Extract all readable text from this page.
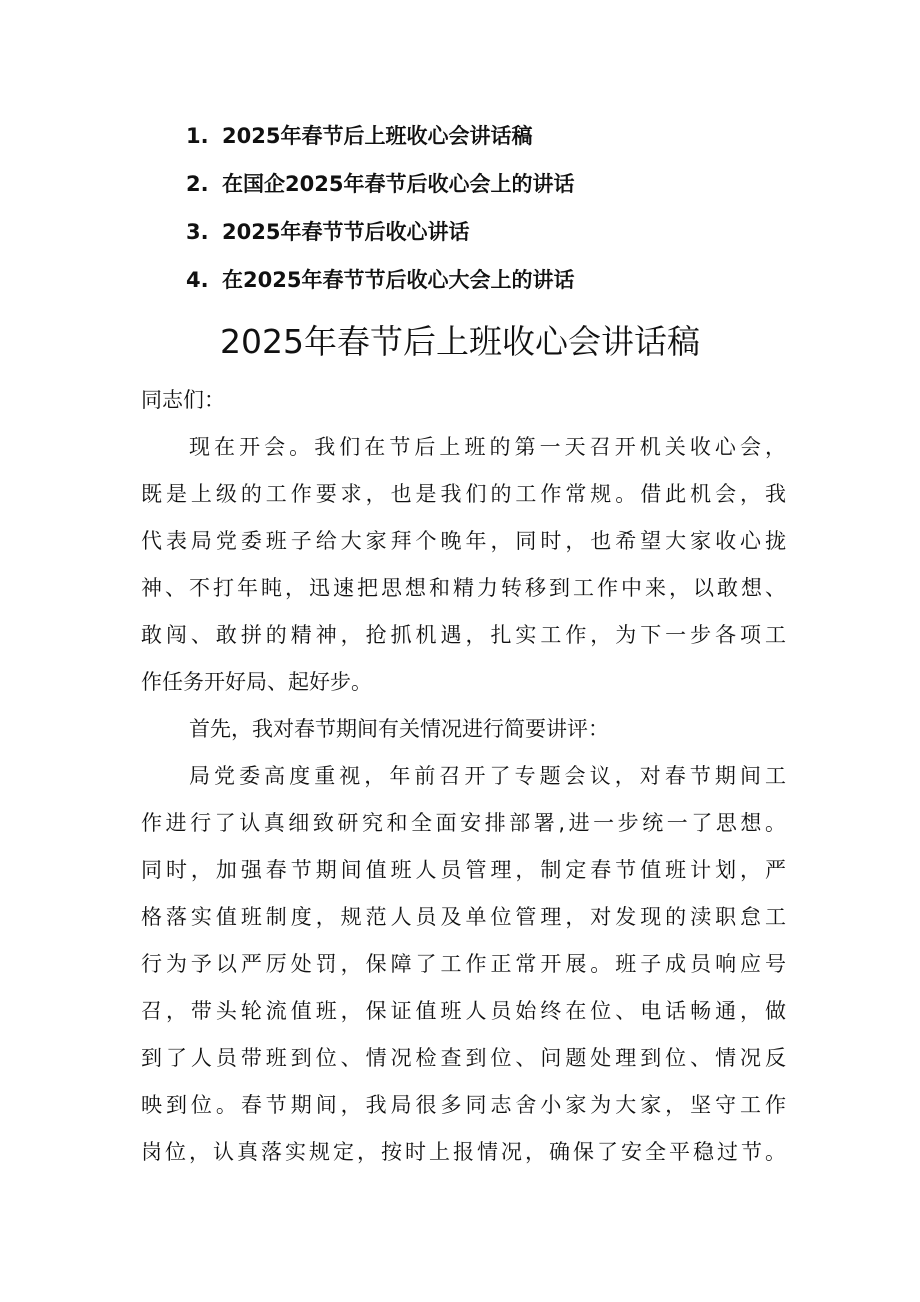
1. 2025年春节后上班收心会讲话稿
2. 在国企2025年春节后收心会上的讲话
3. 2025年春节节后收心讲话
4. 在2025年春节节后收心大会上的讲话
2025年春节后上班收心会讲话稿

同志们：

现在开会。我们在节后上班的第一天召开机关收心会，
既是上级的工作要求，也是我们的工作常规。借此机会，我
代表局党委班子给大家拜个晚年，同时，也希望大家收心拢
神、不打年盹，迅速把思想和精力转移到工作中来，以敢想、
敢闯、敢拼的精神，抢抓机遇，扎实工作，为下一步各项工
作任务开好局、起好步。
首先，我对春节期间有关情况进行简要讲评：
局党委高度重视，年前召开了专题会议，对春节期间工
作进行了认真细致研究和全面安排部署,进一步统一了思想。
同时，加强春节期间值班人员管理，制定春节值班计划，严
格落实值班制度，规范人员及单位管理，对发现的渎职怠工
行为予以严厉处罚，保障了工作正常开展。班子成员响应号
召，带头轮流值班，保证值班人员始终在位、电话畅通，做
到了人员带班到位、情况检查到位、问题处理到位、情况反
映到位。春节期间，我局很多同志舍小家为大家，坚守工作
岗位，认真落实规定，按时上报情况，确保了安全平稳过节。
